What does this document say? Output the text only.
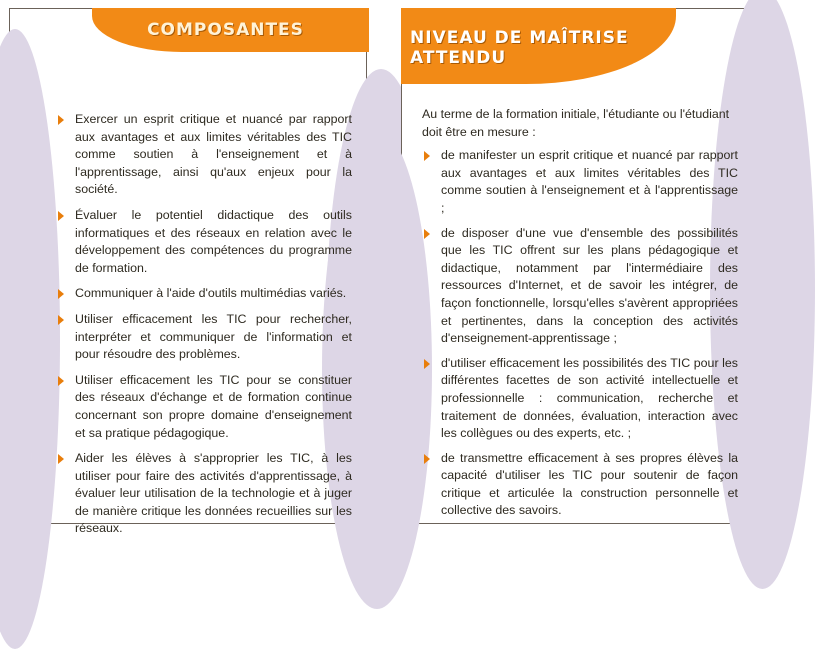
COMPOSANTES
Exercer un esprit critique et nuancé par rapport aux avantages et aux limites véritables des TIC comme soutien à l'enseignement et à l'apprentissage, ainsi qu'aux enjeux pour la société.
Évaluer le potentiel didactique des outils informatiques et des réseaux en relation avec le développement des compétences du programme de formation.
Communiquer à l'aide d'outils multimédias variés.
Utiliser efficacement les TIC pour rechercher, interpréter et communiquer de l'information et pour résoudre des problèmes.
Utiliser efficacement les TIC pour se constituer des réseaux d'échange et de formation continue concernant son propre domaine d'enseignement et sa pratique pédagogique.
Aider les élèves à s'approprier les TIC, à les utiliser pour faire des activités d'apprentissage, à évaluer leur utilisation de la technologie et à juger de manière critique les données recueillies sur les réseaux.
NIVEAU DE MAÎTRISE ATTENDU

Au terme de la formation initiale, l'étudiante ou l'étudiant doit être en mesure :

de manifester un esprit critique et nuancé par rapport aux avantages et aux limites véritables des TIC comme soutien à l'enseignement et à l'apprentissage ;
de disposer d'une vue d'ensemble des possibilités que les TIC offrent sur les plans pédagogique et didactique, notamment par l'intermédiaire des ressources d'Internet, et de savoir les intégrer, de façon fonctionnelle, lorsqu'elles s'avèrent appropriées et pertinentes, dans la conception des activités d'enseignement-apprentissage ;
d'utiliser efficacement les possibilités des TIC pour les différentes facettes de son activité intellectuelle et professionnelle : communication, recherche et traitement de données, évaluation, interaction avec les collègues ou des experts, etc. ;
de transmettre efficacement à ses propres élèves la capacité d'utiliser les TIC pour soutenir de façon critique et articulée la construction personnelle et collective des savoirs.
